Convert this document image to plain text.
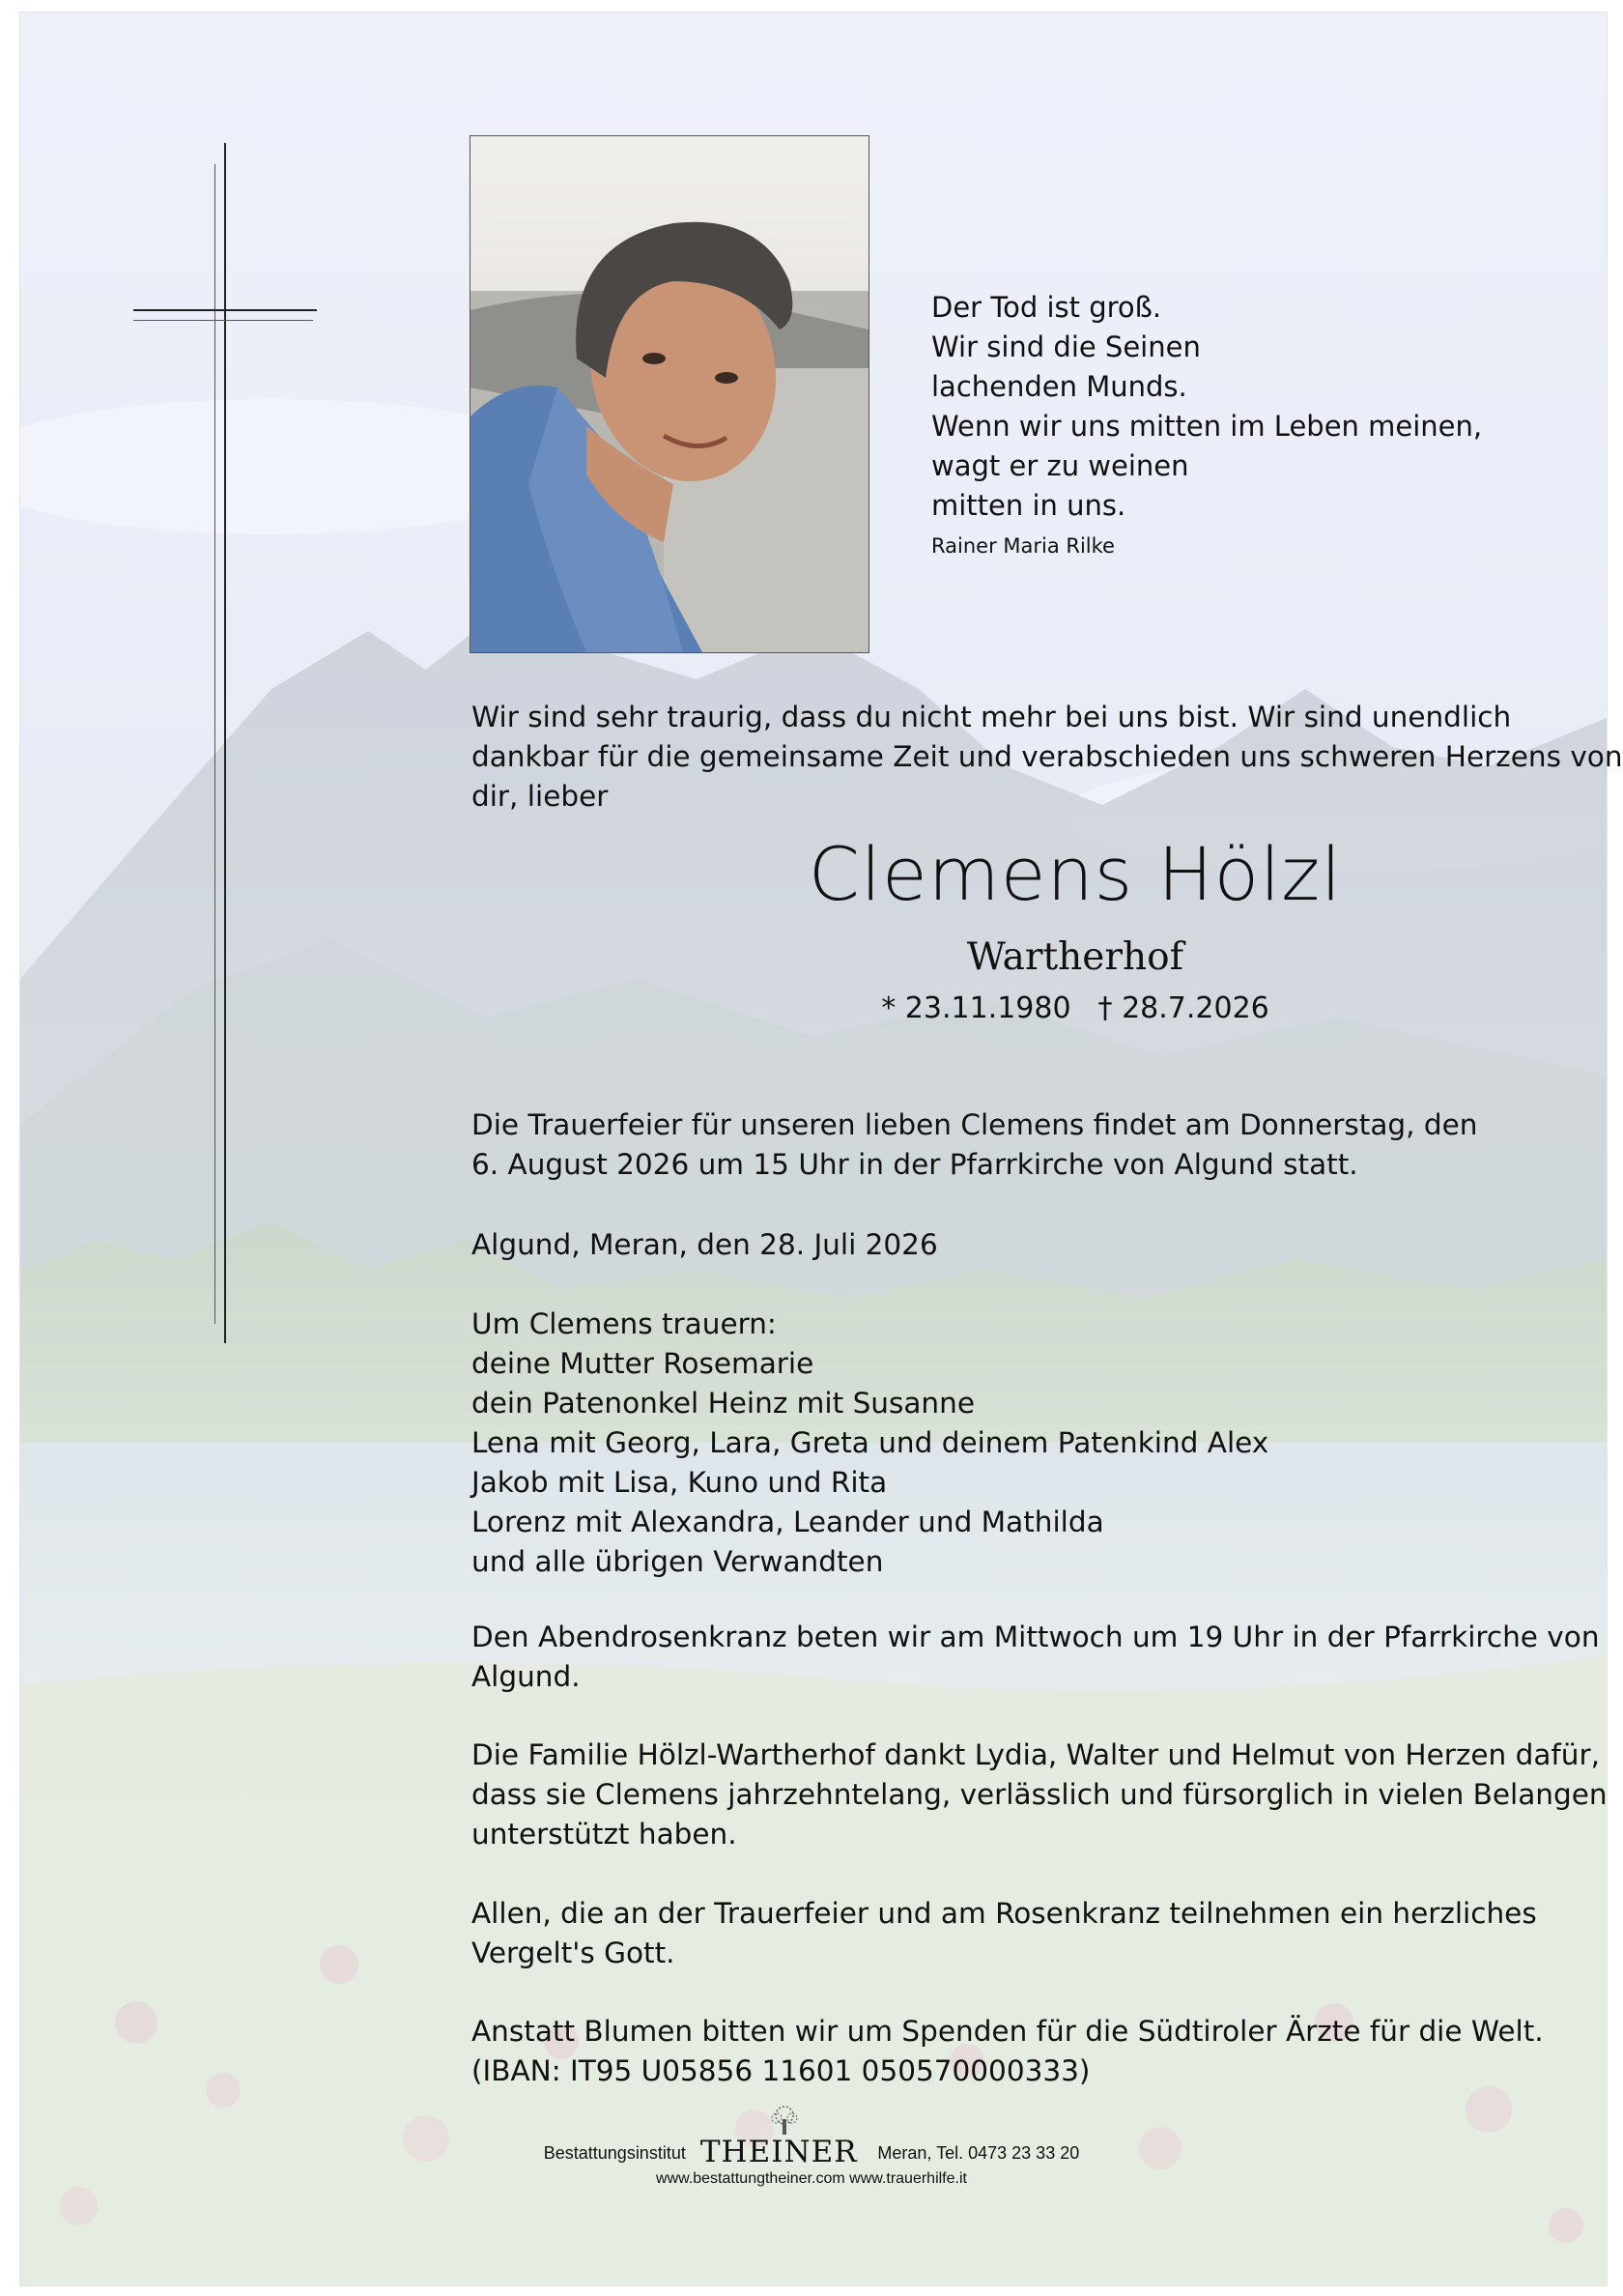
Der Tod ist groß.
Wir sind die Seinen
lachenden Munds.
Wenn wir uns mitten im Leben meinen,
wagt er zu weinen
mitten in uns.
Rainer Maria Rilke
Wir sind sehr traurig, dass du nicht mehr bei uns bist. Wir sind unendlich
dankbar für die gemeinsame Zeit und verabschieden uns schweren Herzens von
dir, lieber
Clemens Hölzl
Wartherhof
* 23.11.1980 † 28.7.2026
Die Trauerfeier für unseren lieben Clemens findet am Donnerstag, den
6. August 2026 um 15 Uhr in der Pfarrkirche von Algund statt.
Algund, Meran, den 28. Juli 2026
Um Clemens trauern:
deine Mutter Rosemarie
dein Patenonkel Heinz mit Susanne
Lena mit Georg, Lara, Greta und deinem Patenkind Alex
Jakob mit Lisa, Kuno und Rita
Lorenz mit Alexandra, Leander und Mathilda
und alle übrigen Verwandten
Den Abendrosenkranz beten wir am Mittwoch um 19 Uhr in der Pfarrkirche von
Algund.
Die Familie Hölzl-Wartherhof dankt Lydia, Walter und Helmut von Herzen dafür,
dass sie Clemens jahrzehntelang, verlässlich und fürsorglich in vielen Belangen
unterstützt haben.
Allen, die an der Trauerfeier und am Rosenkranz teilnehmen ein herzliches
Vergelt's Gott.
Anstatt Blumen bitten wir um Spenden für die Südtiroler Ärzte für die Welt.
(IBAN: IT95 U05856 11601 050570000333)
Bestattungsinstitut THEINER Meran, Tel. 0473 23 33 20
www.bestattungtheiner.com www.trauerhilfe.it
